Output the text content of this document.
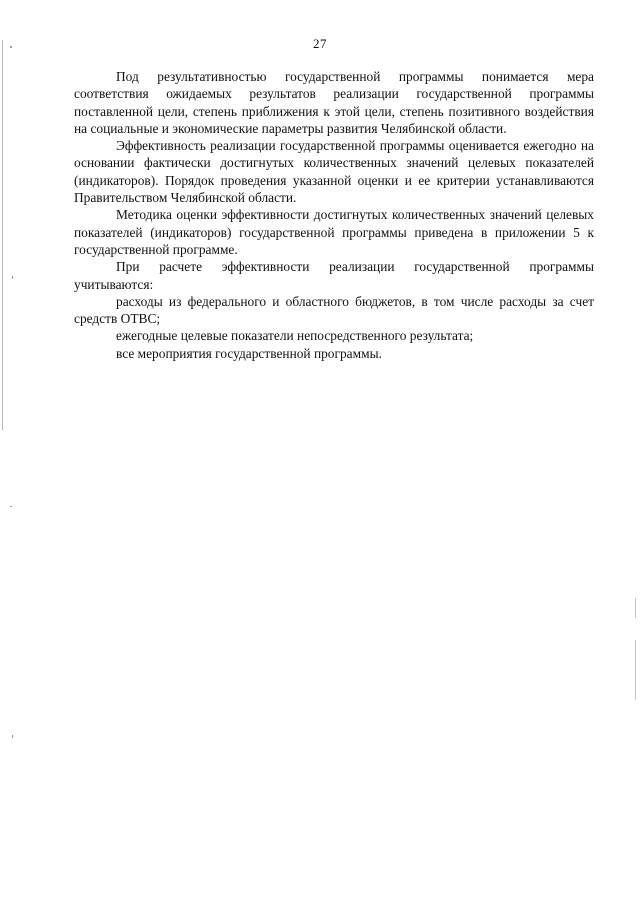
27

Под результативностью государственной программы понимается мера соответствия ожидаемых результатов реализации государственной программы поставленной цели, степень приближения к этой цели, степень позитивного воздействия на социальные и экономические параметры развития Челябинской области.

Эффективность реализации государственной программы оценивается ежегодно на основании фактически достигнутых количественных значений целевых показателей (индикаторов). Порядок проведения указанной оценки и ее критерии устанавливаются Правительством Челябинской области.

Методика оценки эффективности достигнутых количественных значений целевых показателей (индикаторов) государственной программы приведена в приложении 5 к государственной программе.

При расчете эффективности реализации государственной программы учитываются:

расходы из федерального и областного бюджетов, в том числе расходы за счет средств ОТВС;

ежегодные целевые показатели непосредственного результата;

все мероприятия государственной программы.
